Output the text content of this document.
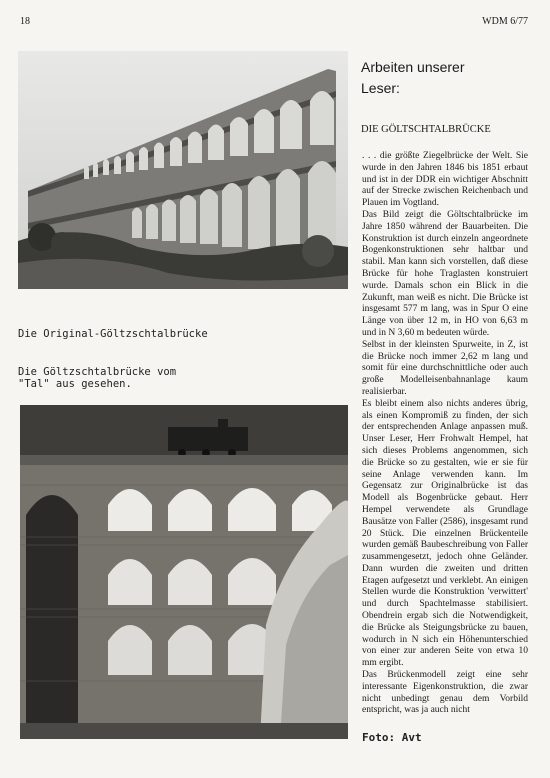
18	WDM 6/77
Die Original-Göltzschtalbrücke
Die Göltzschtalbrücke vom
"Tal" aus gesehen.
Arbeiten unserer
Leser:
DIE GÖLTSCHTALBRÜCKE

. . . die größte Ziegelbrücke der Welt. Sie wurde in den Jahren 1846 bis 1851 erbaut und ist in der DDR ein wichtiger Abschnitt auf der Strecke zwischen Reichenbach und Plauen im Vogtland.

Das Bild zeigt die Göltschtalbrücke im Jahre 1850 während der Bauarbeiten. Die Konstruktion ist durch einzeln angeordnete Bogenkonstruktionen sehr haltbar und stabil. Man kann sich vorstellen, daß diese Brücke für hohe Traglasten konstruiert wurde. Damals schon ein Blick in die Zukunft, man weiß es nicht. Die Brücke ist insgesamt 577 m lang, was in Spur O eine Länge von über 12 m, in HO von 6,63 m und in N 3,60 m bedeuten würde.

Selbst in der kleinsten Spurweite, in Z, ist die Brücke noch immer 2,62 m lang und somit für eine durchschnittliche oder auch große Modelleisenbahnanlage kaum realisierbar.

Es bleibt einem also nichts anderes übrig, als einen Kompromiß zu finden, der sich der entsprechenden Anlage anpassen muß. Unser Leser, Herr Frohwalt Hempel, hat sich dieses Problems angenommen, sich die Brücke so zu gestalten, wie er sie für seine Anlage verwenden kann. Im Gegensatz zur Originalbrücke ist das Modell als Bogenbrücke gebaut. Herr Hempel verwendete als Grundlage Bausätze von Faller (2586), insgesamt rund 20 Stück. Die einzelnen Brückenteile wurden gemäß Baubeschreibung von Faller zusammengesetzt, jedoch ohne Geländer. Dann wurden die zweiten und dritten Etagen aufgesetzt und verklebt. An einigen Stellen wurde die Konstruktion 'verwittert' und durch Spachtelmasse stabilisiert. Obendrein ergab sich die Notwendigkeit, die Brücke als Steigungsbrücke zu bauen, wodurch in N sich ein Höhenunterschied von einer zur anderen Seite von etwa 10 mm ergibt.

Das Brückenmodell zeigt eine sehr interessante Eigenkonstruktion, die zwar nicht unbedingt genau dem Vorbild entspricht, was ja auch nicht

Foto: Avt
